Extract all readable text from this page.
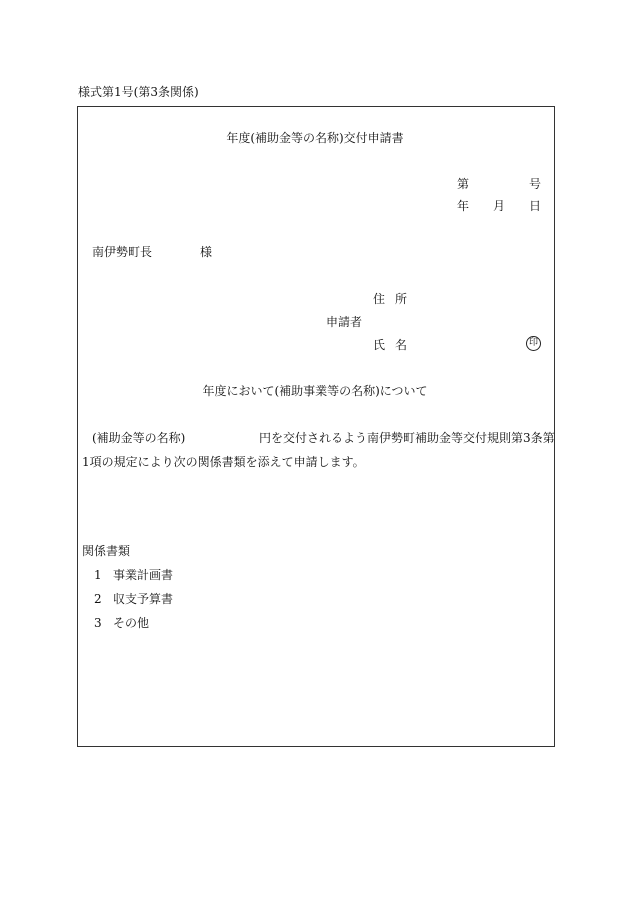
様式第1号(第3条関係)
年度(補助金等の名称)交付申請書
第	号
年 月 日
南伊勢町長	様
住所
申請者
氏名	印
年度において(補助事業等の名称)について
(補助金等の名称)	円を交付されるよう南伊勢町補助金等交付規則第3条第
1項の規定により次の関係書類を添えて申請します。
関係書類
1 事業計画書
2 収支予算書
3 その他
